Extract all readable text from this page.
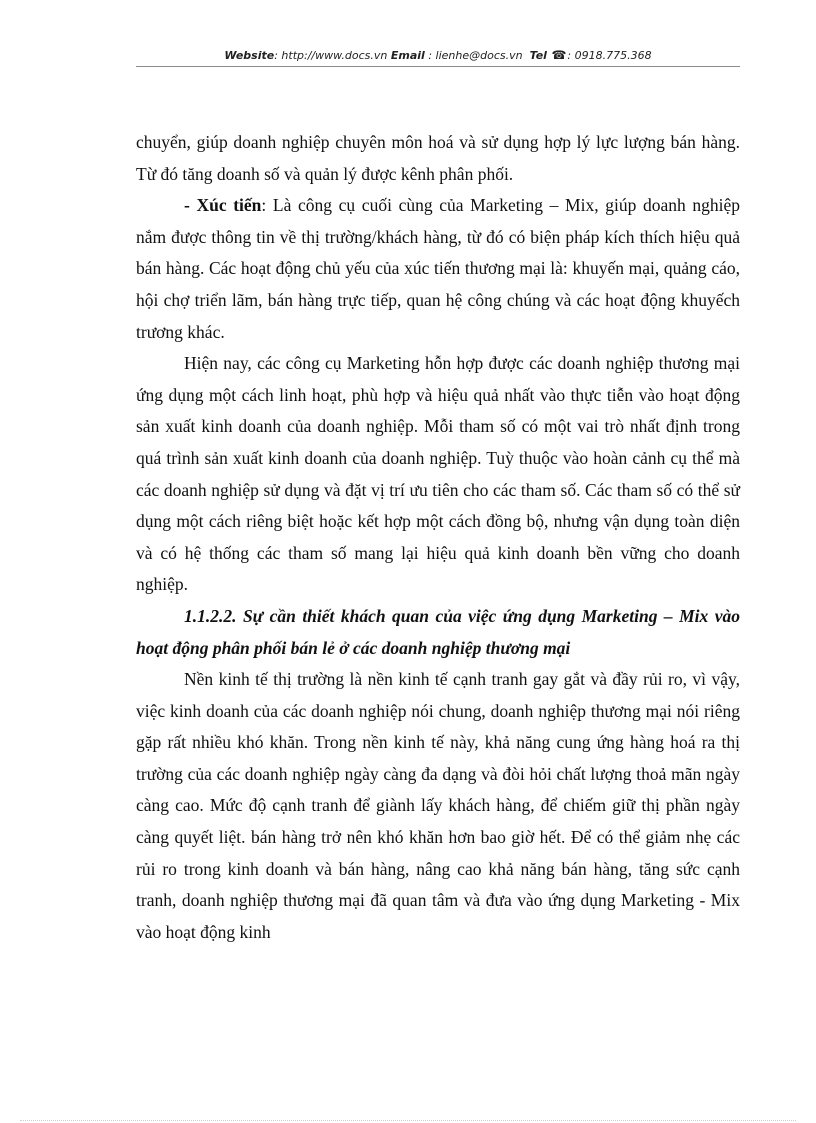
Website: http://www.docs.vn Email : lienhe@docs.vn Tel ☎: 0918.775.368

chuyển, giúp doanh nghiệp chuyên môn hoá và sử dụng hợp lý lực lượng bán hàng. Từ đó tăng doanh số và quản lý được kênh phân phối.

- Xúc tiến: Là công cụ cuối cùng của Marketing – Mix, giúp doanh nghiệp nắm được thông tin về thị trường/khách hàng, từ đó có biện pháp kích thích hiệu quả bán hàng. Các hoạt động chủ yếu của xúc tiến thương mại là: khuyến mại, quảng cáo, hội chợ triển lãm, bán hàng trực tiếp, quan hệ công chúng và các hoạt động khuyếch trương khác.

Hiện nay, các công cụ Marketing hỗn hợp được các doanh nghiệp thương mại ứng dụng một cách linh hoạt, phù hợp và hiệu quả nhất vào thực tiễn vào hoạt động sản xuất kinh doanh của doanh nghiệp. Mỗi tham số có một vai trò nhất định trong quá trình sản xuất kinh doanh của doanh nghiệp. Tuỳ thuộc vào hoàn cảnh cụ thể mà các doanh nghiệp sử dụng và đặt vị trí ưu tiên cho các tham số. Các tham số có thể sử dụng một cách riêng biệt hoặc kết hợp một cách đồng bộ, nhưng vận dụng toàn diện và có hệ thống các tham số mang lại hiệu quả kinh doanh bền vững cho doanh nghiệp.

1.1.2.2. Sự cần thiết khách quan của việc ứng dụng Marketing – Mix vào hoạt động phân phối bán lẻ ở các doanh nghiệp thương mại

Nền kinh tế thị trường là nền kinh tế cạnh tranh gay gắt và đầy rủi ro, vì vậy, việc kinh doanh của các doanh nghiệp nói chung, doanh nghiệp thương mại nói riêng gặp rất nhiều khó khăn. Trong nền kinh tế này, khả năng cung ứng hàng hoá ra thị trường của các doanh nghiệp ngày càng đa dạng và đòi hỏi chất lượng thoả mãn ngày càng cao. Mức độ cạnh tranh để giành lấy khách hàng, để chiếm giữ thị phần ngày càng quyết liệt. bán hàng trở nên khó khăn hơn bao giờ hết. Để có thể giảm nhẹ các rủi ro trong kinh doanh và bán hàng, nâng cao khả năng bán hàng, tăng sức cạnh tranh, doanh nghiệp thương mại đã quan tâm và đưa vào ứng dụng Marketing - Mix vào hoạt động kinh
